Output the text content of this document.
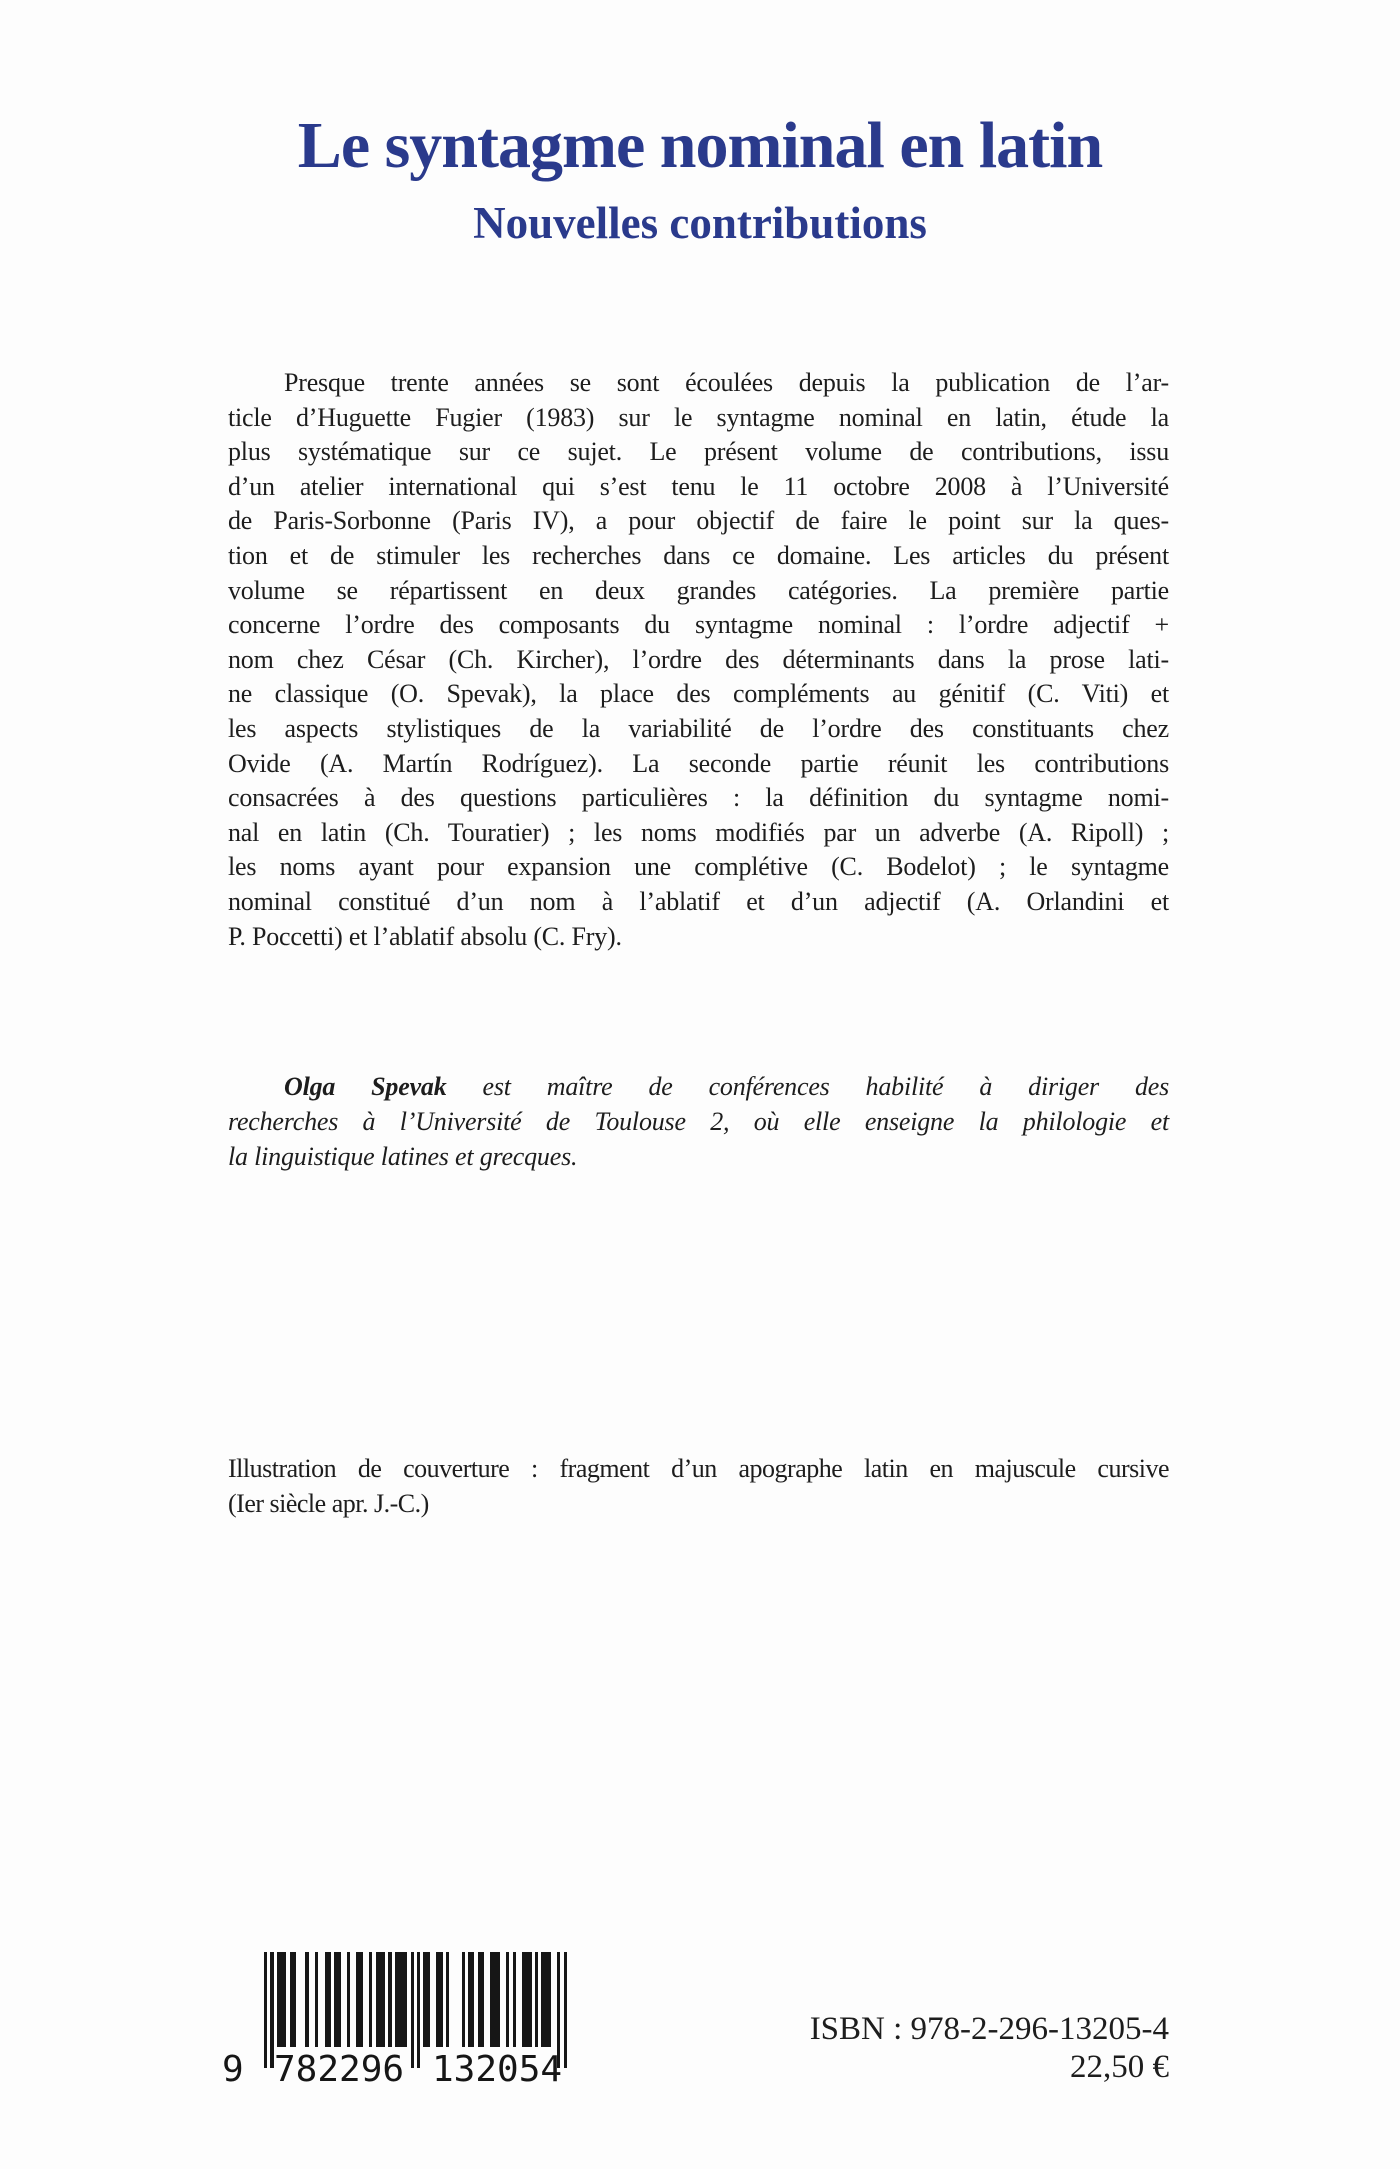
Le syntagme nominal en latin
Nouvelles contributions
Presque trente années se sont écoulées depuis la publication de l’ar-
ticle d’Huguette Fugier (1983) sur le syntagme nominal en latin, étude la
plus systématique sur ce sujet. Le présent volume de contributions, issu
d’un atelier international qui s’est tenu le 11 octobre 2008 à l’Université
de Paris-Sorbonne (Paris IV), a pour objectif de faire le point sur la ques-
tion et de stimuler les recherches dans ce domaine. Les articles du présent
volume se répartissent en deux grandes catégories. La première partie
concerne l’ordre des composants du syntagme nominal : l’ordre adjectif +
nom chez César (Ch. Kircher), l’ordre des déterminants dans la prose lati-
ne classique (O. Spevak), la place des compléments au génitif (C. Viti) et
les aspects stylistiques de la variabilité de l’ordre des constituants chez
Ovide (A. Martín Rodríguez). La seconde partie réunit les contributions
consacrées à des questions particulières : la définition du syntagme nomi-
nal en latin (Ch. Touratier) ; les noms modifiés par un adverbe (A. Ripoll) ;
les noms ayant pour expansion une complétive (C. Bodelot) ; le syntagme
nominal constitué d’un nom à l’ablatif et d’un adjectif (A. Orlandini et
P. Poccetti) et l’ablatif absolu (C. Fry).
Olga Spevak est maître de conférences habilité à diriger des
recherches à l’Université de Toulouse 2, où elle enseigne la philologie et
la linguistique latines et grecques.
Illustration de couverture : fragment d’un apographe latin en majuscule cursive
(Ier siècle apr. J.-C.)
9 782296 132054
ISBN : 978-2-296-13205-4
22,50 €
